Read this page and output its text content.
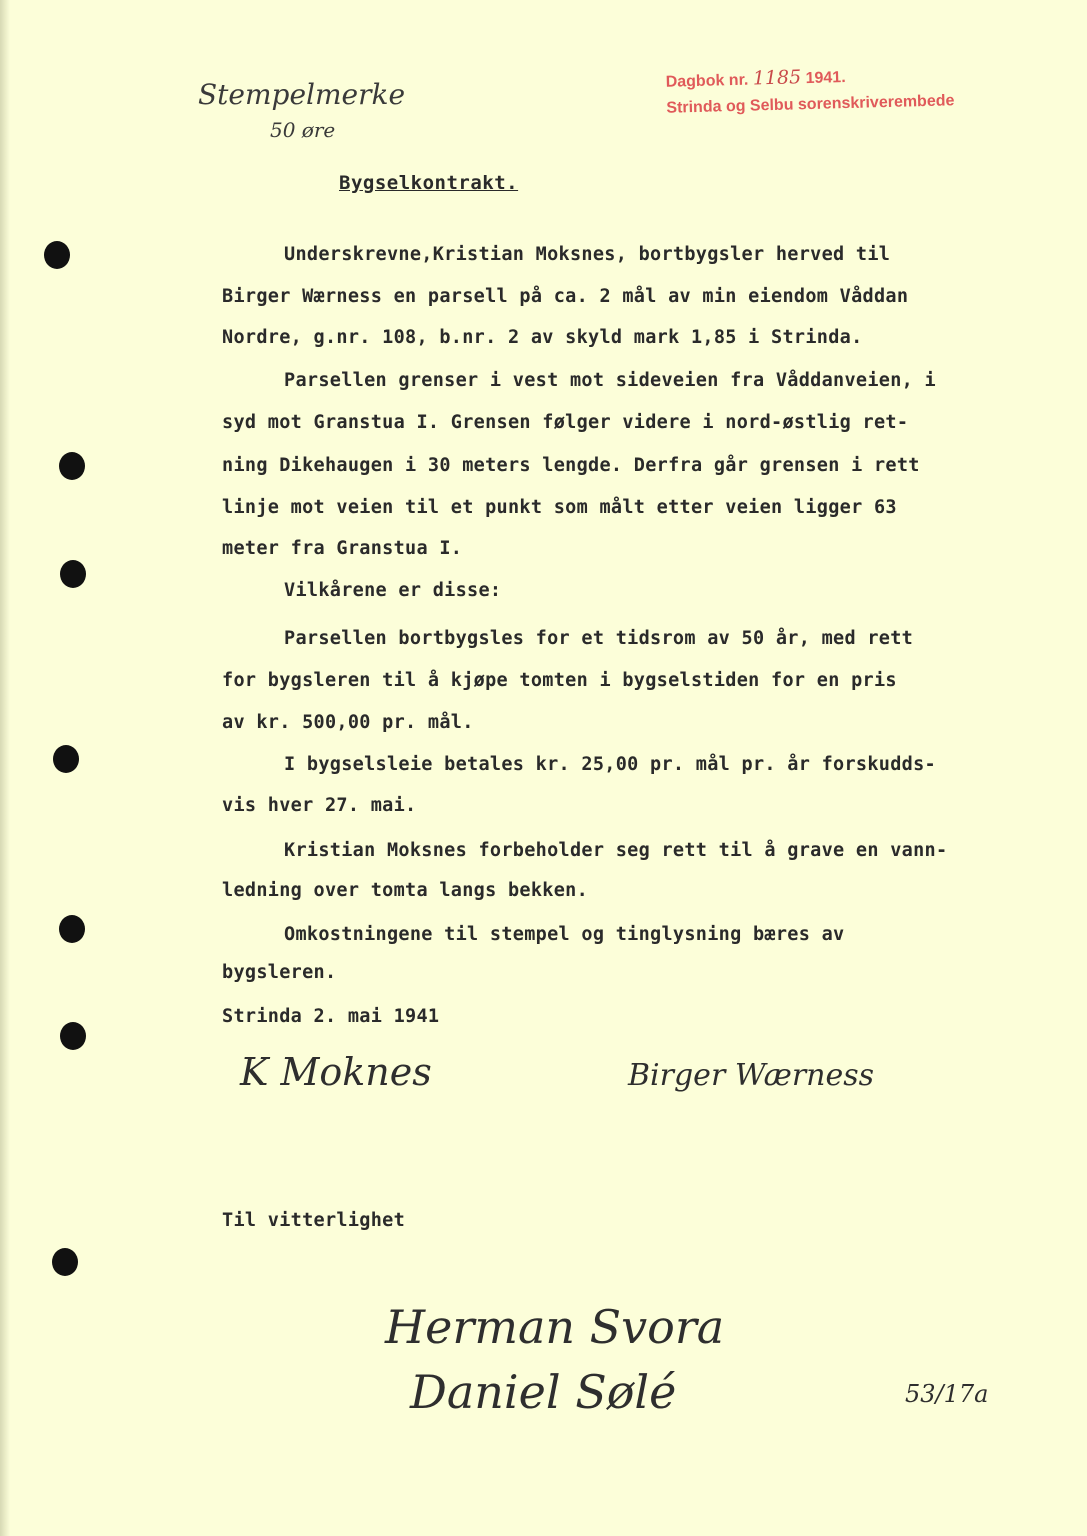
Stempelmerke
50 øre
Dagbok nr. 1185 1941.
Strinda og Selbu sorenskriverembede
Bygselkontrakt.
Underskrevne,Kristian Moksnes, bortbygsler herved til
Birger Wærness en parsell på ca. 2 mål av min eiendom Våddan
Nordre, g.nr. 108, b.nr. 2 av skyld mark 1,85 i Strinda.
Parsellen grenser i vest mot sideveien fra Våddanveien, i
syd mot Granstua I. Grensen følger videre i nord-østlig ret-
ning Dikehaugen i 30 meters lengde. Derfra går grensen i rett
linje mot veien til et punkt som målt etter veien ligger 63
meter fra Granstua I.
Vilkårene er disse:
Parsellen bortbygsles for et tidsrom av 50 år, med rett
for bygsleren til å kjøpe tomten i bygselstiden for en pris
av kr. 500,00 pr. mål.
I bygselsleie betales kr. 25,00 pr. mål pr. år forskudds-
vis hver 27. mai.
Kristian Moksnes forbeholder seg rett til å grave en vann-
ledning over tomta langs bekken.
Omkostningene til stempel og tinglysning bæres av
bygsleren.
Strinda 2. mai 1941
K Moknes	Birger Wærness
Til vitterlighet
Herman Svora
Daniel Sølé	53/17a
